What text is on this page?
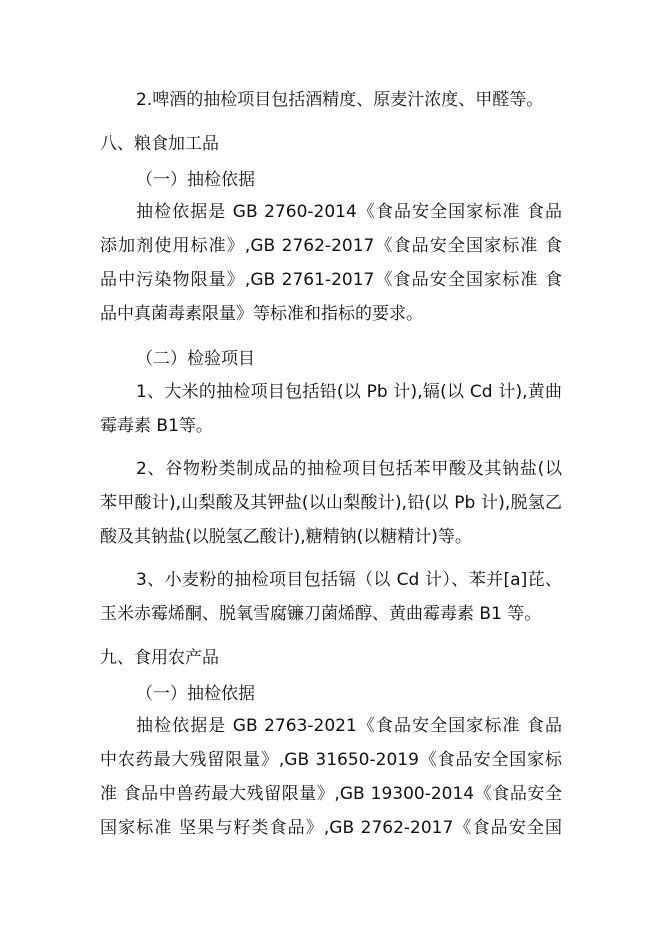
2.啤酒的抽检项目包括酒精度、原麦汁浓度、甲醛等。
八、粮食加工品
（一）抽检依据
抽检依据是 GB 2760-2014《食品安全国家标准 食品
添加剂使用标准》,GB 2762-2017《食品安全国家标准 食
品中污染物限量》,GB 2761-2017《食品安全国家标准 食
品中真菌毒素限量》等标准和指标的要求。
（二）检验项目
1、大米的抽检项目包括铅(以 Pb 计),镉(以 Cd 计),黄曲
霉毒素 B1等。
2、谷物粉类制成品的抽检项目包括苯甲酸及其钠盐(以
苯甲酸计),山梨酸及其钾盐(以山梨酸计),铅(以 Pb 计),脱氢乙
酸及其钠盐(以脱氢乙酸计),糖精钠(以糖精计)等。
3、小麦粉的抽检项目包括镉（以 Cd 计）、苯并[a]芘、
玉米赤霉烯酮、脱氧雪腐镰刀菌烯醇、黄曲霉毒素 B1 等。
九、食用农产品
（一）抽检依据
抽检依据是 GB 2763-2021《食品安全国家标准 食品
中农药最大残留限量》,GB 31650-2019《食品安全国家标
准 食品中兽药最大残留限量》,GB 19300-2014《食品安全
国家标准 坚果与籽类食品》,GB 2762-2017《食品安全国
